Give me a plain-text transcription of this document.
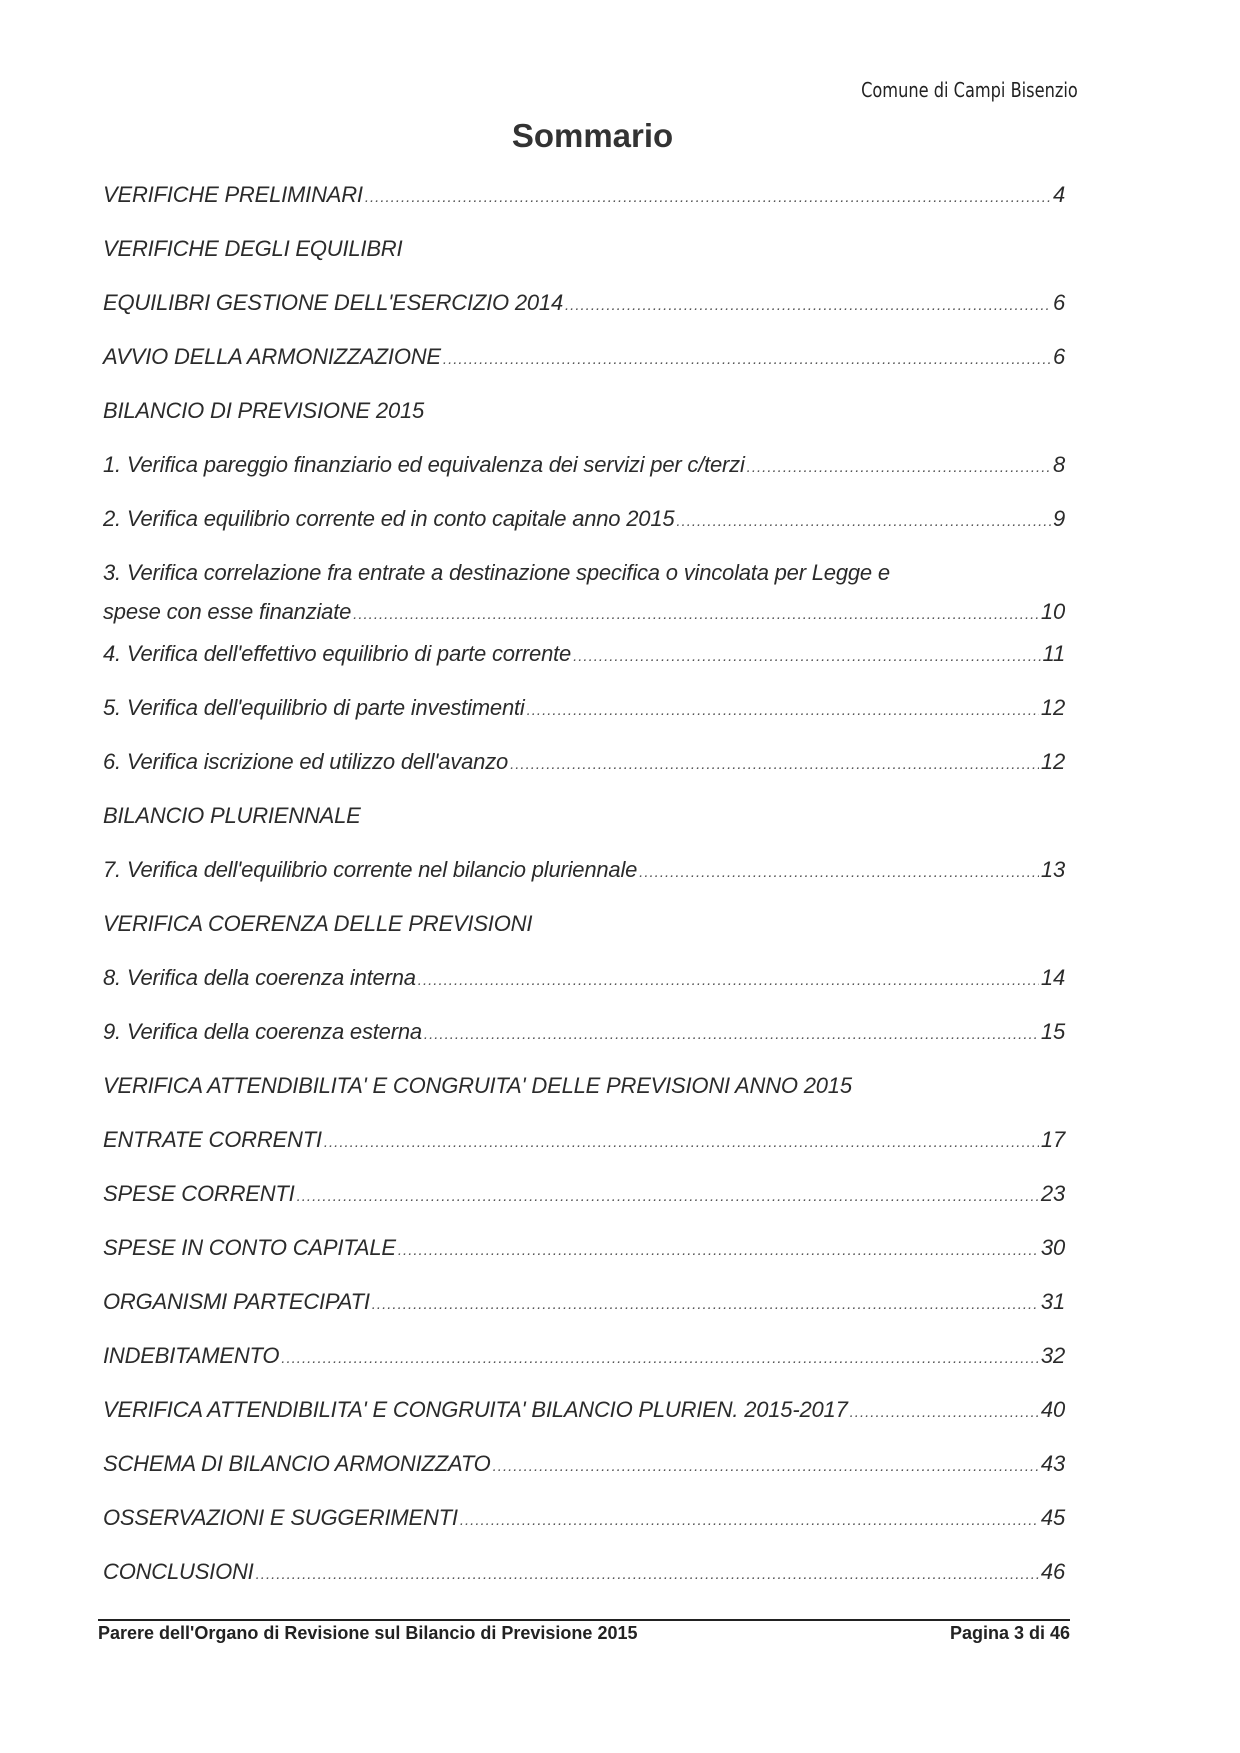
Comune di Campi Bisenzio
Sommario
VERIFICHE PRELIMINARI .....	4
VERIFICHE DEGLI EQUILIBRI
EQUILIBRI GESTIONE DELL'ESERCIZIO 2014 .....	6
AVVIO DELLA ARMONIZZAZIONE .....	6
BILANCIO DI PREVISIONE 2015
1. Verifica pareggio finanziario ed equivalenza dei servizi per c/terzi .....	8
2. Verifica equilibrio corrente ed in conto capitale anno 2015 .....	9
3. Verifica correlazione fra entrate a destinazione specifica o vincolata per Legge e
spese con esse finanziate .....	10
4. Verifica dell'effettivo equilibrio di parte corrente .....	11
5. Verifica dell'equilibrio di parte investimenti .....	12
6. Verifica iscrizione ed utilizzo dell'avanzo .....	12
BILANCIO PLURIENNALE
7. Verifica dell'equilibrio corrente nel bilancio pluriennale .....	13
VERIFICA COERENZA DELLE PREVISIONI
8. Verifica della coerenza interna .....	14
9. Verifica della coerenza esterna .....	15
VERIFICA ATTENDIBILITA' E CONGRUITA' DELLE PREVISIONI ANNO 2015
ENTRATE CORRENTI .....	17
SPESE CORRENTI .....	23
SPESE IN CONTO CAPITALE .....	30
ORGANISMI PARTECIPATI .....	31
INDEBITAMENTO .....	32
VERIFICA ATTENDIBILITA' E CONGRUITA' BILANCIO PLURIEN. 2015-2017 .....	40
SCHEMA DI BILANCIO ARMONIZZATO .....	43
OSSERVAZIONI E SUGGERIMENTI .....	45
CONCLUSIONI .....	46
Parere dell'Organo di Revisione sul Bilancio di Previsione 2015	Pagina 3 di 46
